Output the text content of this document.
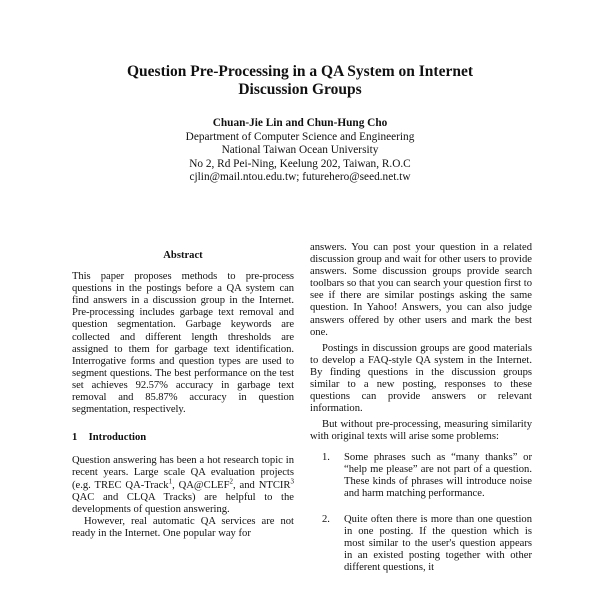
Question Pre-Processing in a QA System on Internet
Discussion Groups
Chuan-Jie Lin and Chun-Hung Cho
Department of Computer Science and Engineering
National Taiwan Ocean University
No 2, Rd Pei-Ning, Keelung 202, Taiwan, R.O.C
cjlin@mail.ntou.edu.tw; futurehero@seed.net.tw
Abstract

This paper proposes methods to pre-process questions in the postings before a QA system can find answers in a discussion group in the Internet. Pre-processing includes garbage text removal and question segmentation. Garbage keywords are collected and different length thresholds are assigned to them for garbage text identification. Interrogative forms and question types are used to segment questions. The best performance on the test set achieves 92.57% accuracy in garbage text removal and 85.87% accuracy in question segmentation, respectively.

1 Introduction

Question answering has been a hot research topic in recent years. Large scale QA evaluation projects (e.g. TREC QA-Track$^1$, QA@CLEF$^2$, and NTCIR$^3$ QAC and CLQA Tracks) are helpful to the developments of question answering.

However, real automatic QA services are not ready in the Internet. One popular way for

answers. You can post your question in a related discussion group and wait for other users to provide answers. Some discussion groups provide search toolbars so that you can search your question first to see if there are similar postings asking the same question. In Yahoo! Answers, you can also judge answers offered by other users and mark the best one.

Postings in discussion groups are good materials to develop a FAQ-style QA system in the Internet. By finding questions in the discussion groups similar to a new posting, responses to these questions can provide answers or relevant information.

But without pre-processing, measuring similarity with original texts will arise some problems:

1. Some phrases such as “many thanks” or “help me please” are not part of a question. These kinds of phrases will introduce noise and harm matching performance.
2. Quite often there is more than one question in one posting. If the question which is most similar to the user's question appears in an existed posting together with other different questions, it
